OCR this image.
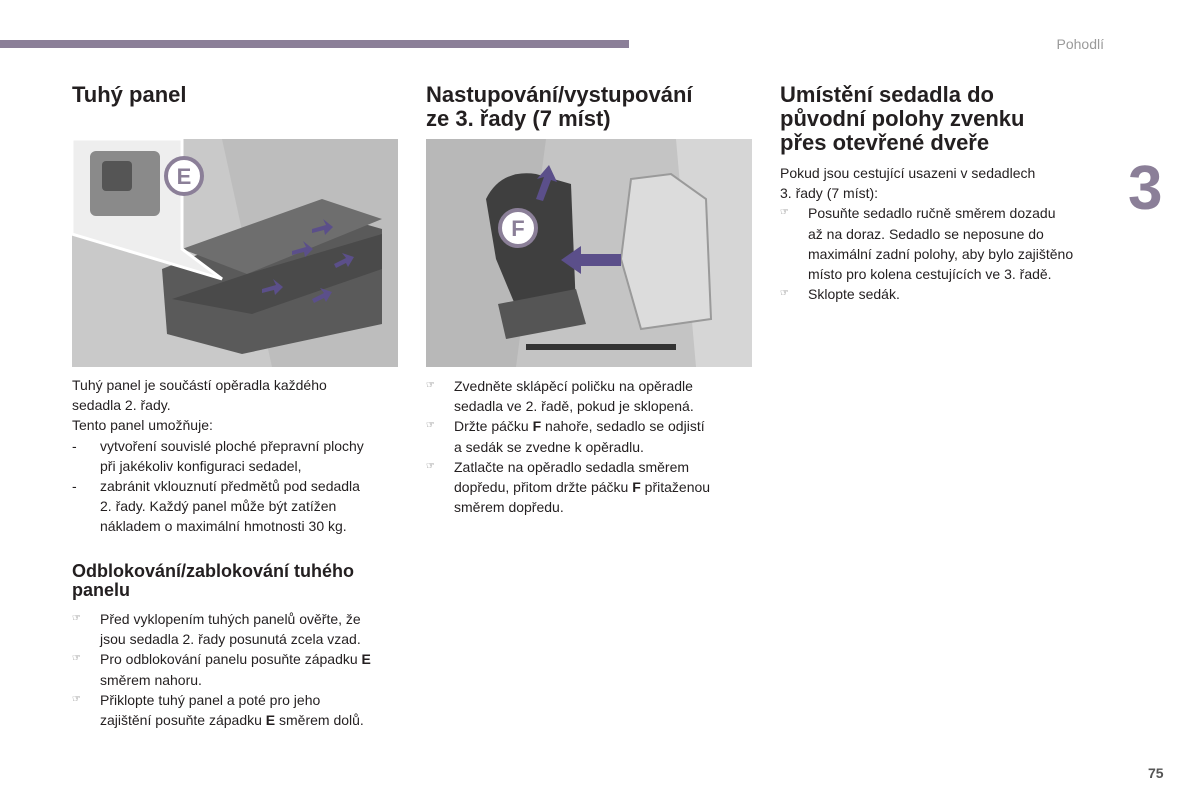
Pohodlí
3
75
Tuhý panel
E

Tuhý panel je součástí opěradla každého

sedadla 2. řady.

Tento panel umožňuje:

- vytvoření souvislé ploché přepravní plochy

při jakékoliv konfiguraci sedadel,

- zabránit vklouznutí předmětů pod sedadla

2. řady. Každý panel může být zatížen

nákladem o maximální hmotnosti 30 kg.

Odblokování/zablokování tuhého
panelu
☞	Před vyklopením tuhých panelů ověřte, že

jsou sedadla 2. řady posunutá zcela vzad.

☞	Pro odblokování panelu posuňte západku E

směrem nahoru.

☞	Přiklopte tuhý panel a poté pro jeho

zajištění posuňte západku E směrem dolů.

Nastupování/vystupování
ze 3. řady (7 míst)
F
☞	Zvedněte sklápěcí poličku na opěradle

sedadla ve 2. řadě, pokud je sklopená.

☞	Držte páčku F nahoře, sedadlo se odjistí

a sedák se zvedne k opěradlu.

☞	Zatlačte na opěradlo sedadla směrem

dopředu, přitom držte páčku F přitaženou

směrem dopředu.

Umístění sedadla do
původní polohy zvenku
přes otevřené dveře

Pokud jsou cestující usazeni v sedadlech

3. řady (7 míst):

☞	Posuňte sedadlo ručně směrem dozadu

až na doraz. Sedadlo se neposune do

maximální zadní polohy, aby bylo zajištěno

místo pro kolena cestujících ve 3. řadě.

☞	Sklopte sedák.
